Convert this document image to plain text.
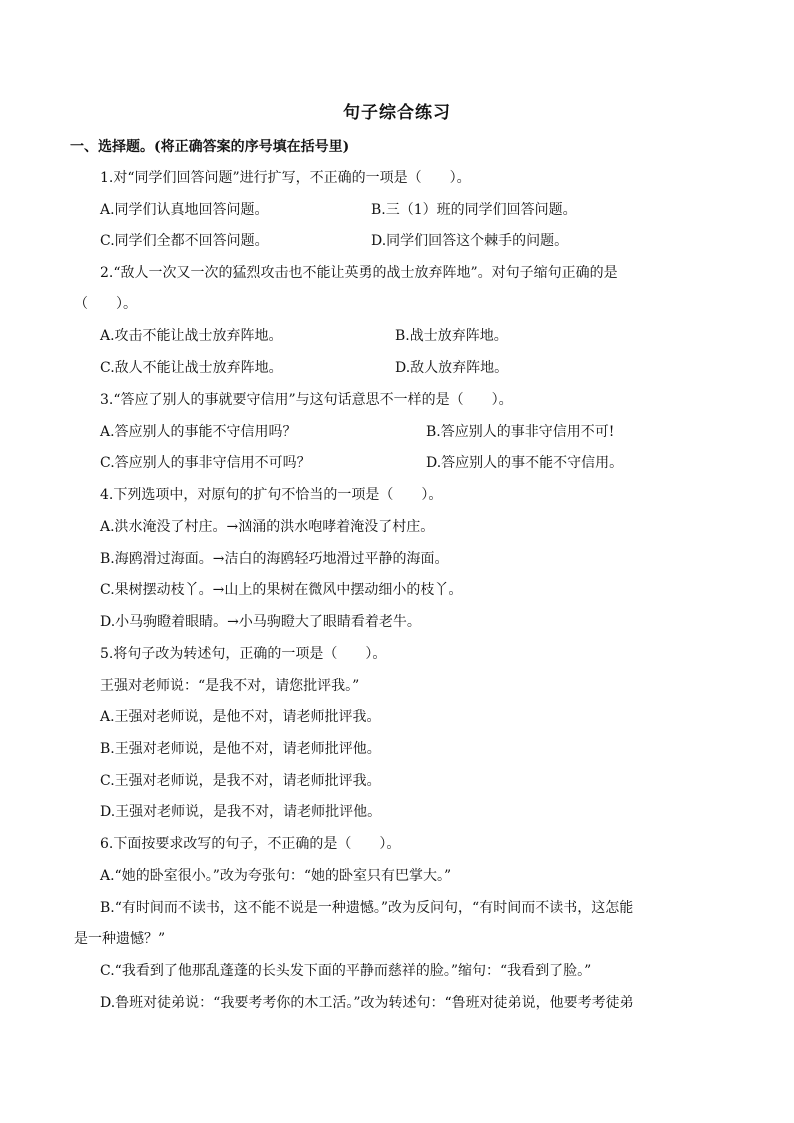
句子综合练习
一、选择题。(将正确答案的序号填在括号里)
1.对“同学们回答问题”进行扩写，不正确的一项是（　　）。
A.同学们认真地回答问题。	B.三（1）班的同学们回答问题。
C.同学们全都不回答问题。	D.同学们回答这个棘手的问题。
2.“敌人一次又一次的猛烈攻击也不能让英勇的战士放弃阵地”。对句子缩句正确的是
（　　）。
A.攻击不能让战士放弃阵地。	B.战士放弃阵地。
C.敌人不能让战士放弃阵地。	D.敌人放弃阵地。
3.“答应了别人的事就要守信用”与这句话意思不一样的是（　　）。
A.答应别人的事能不守信用吗？	B.答应别人的事非守信用不可!
C.答应别人的事非守信用不可吗？	D.答应别人的事不能不守信用。
4.下列选项中，对原句的扩句不恰当的一项是（　　）。
A.洪水淹没了村庄。→汹涌的洪水咆哮着淹没了村庄。
B.海鸥滑过海面。→洁白的海鸥轻巧地滑过平静的海面。
C.果树摆动枝丫。→山上的果树在微风中摆动细小的枝丫。
D.小马驹瞪着眼睛。→小马驹瞪大了眼睛看着老牛。
5.将句子改为转述句，正确的一项是（　　）。
王强对老师说：“是我不对，请您批评我。”
A.王强对老师说，是他不对，请老师批评我。
B.王强对老师说，是他不对，请老师批评他。
C.王强对老师说，是我不对，请老师批评我。
D.王强对老师说，是我不对，请老师批评他。
6.下面按要求改写的句子，不正确的是（　　）。
A.“她的卧室很小。”改为夸张句：“她的卧室只有巴掌大。”
B.“有时间而不读书，这不能不说是一种遗憾。”改为反问句，“有时间而不读书，这怎能
是一种遗憾？”
C.“我看到了他那乱蓬蓬的长头发下面的平静而慈祥的脸。”缩句：“我看到了脸。”
D.鲁班对徒弟说：“我要考考你的木工活。”改为转述句：“鲁班对徒弟说，他要考考徒弟
